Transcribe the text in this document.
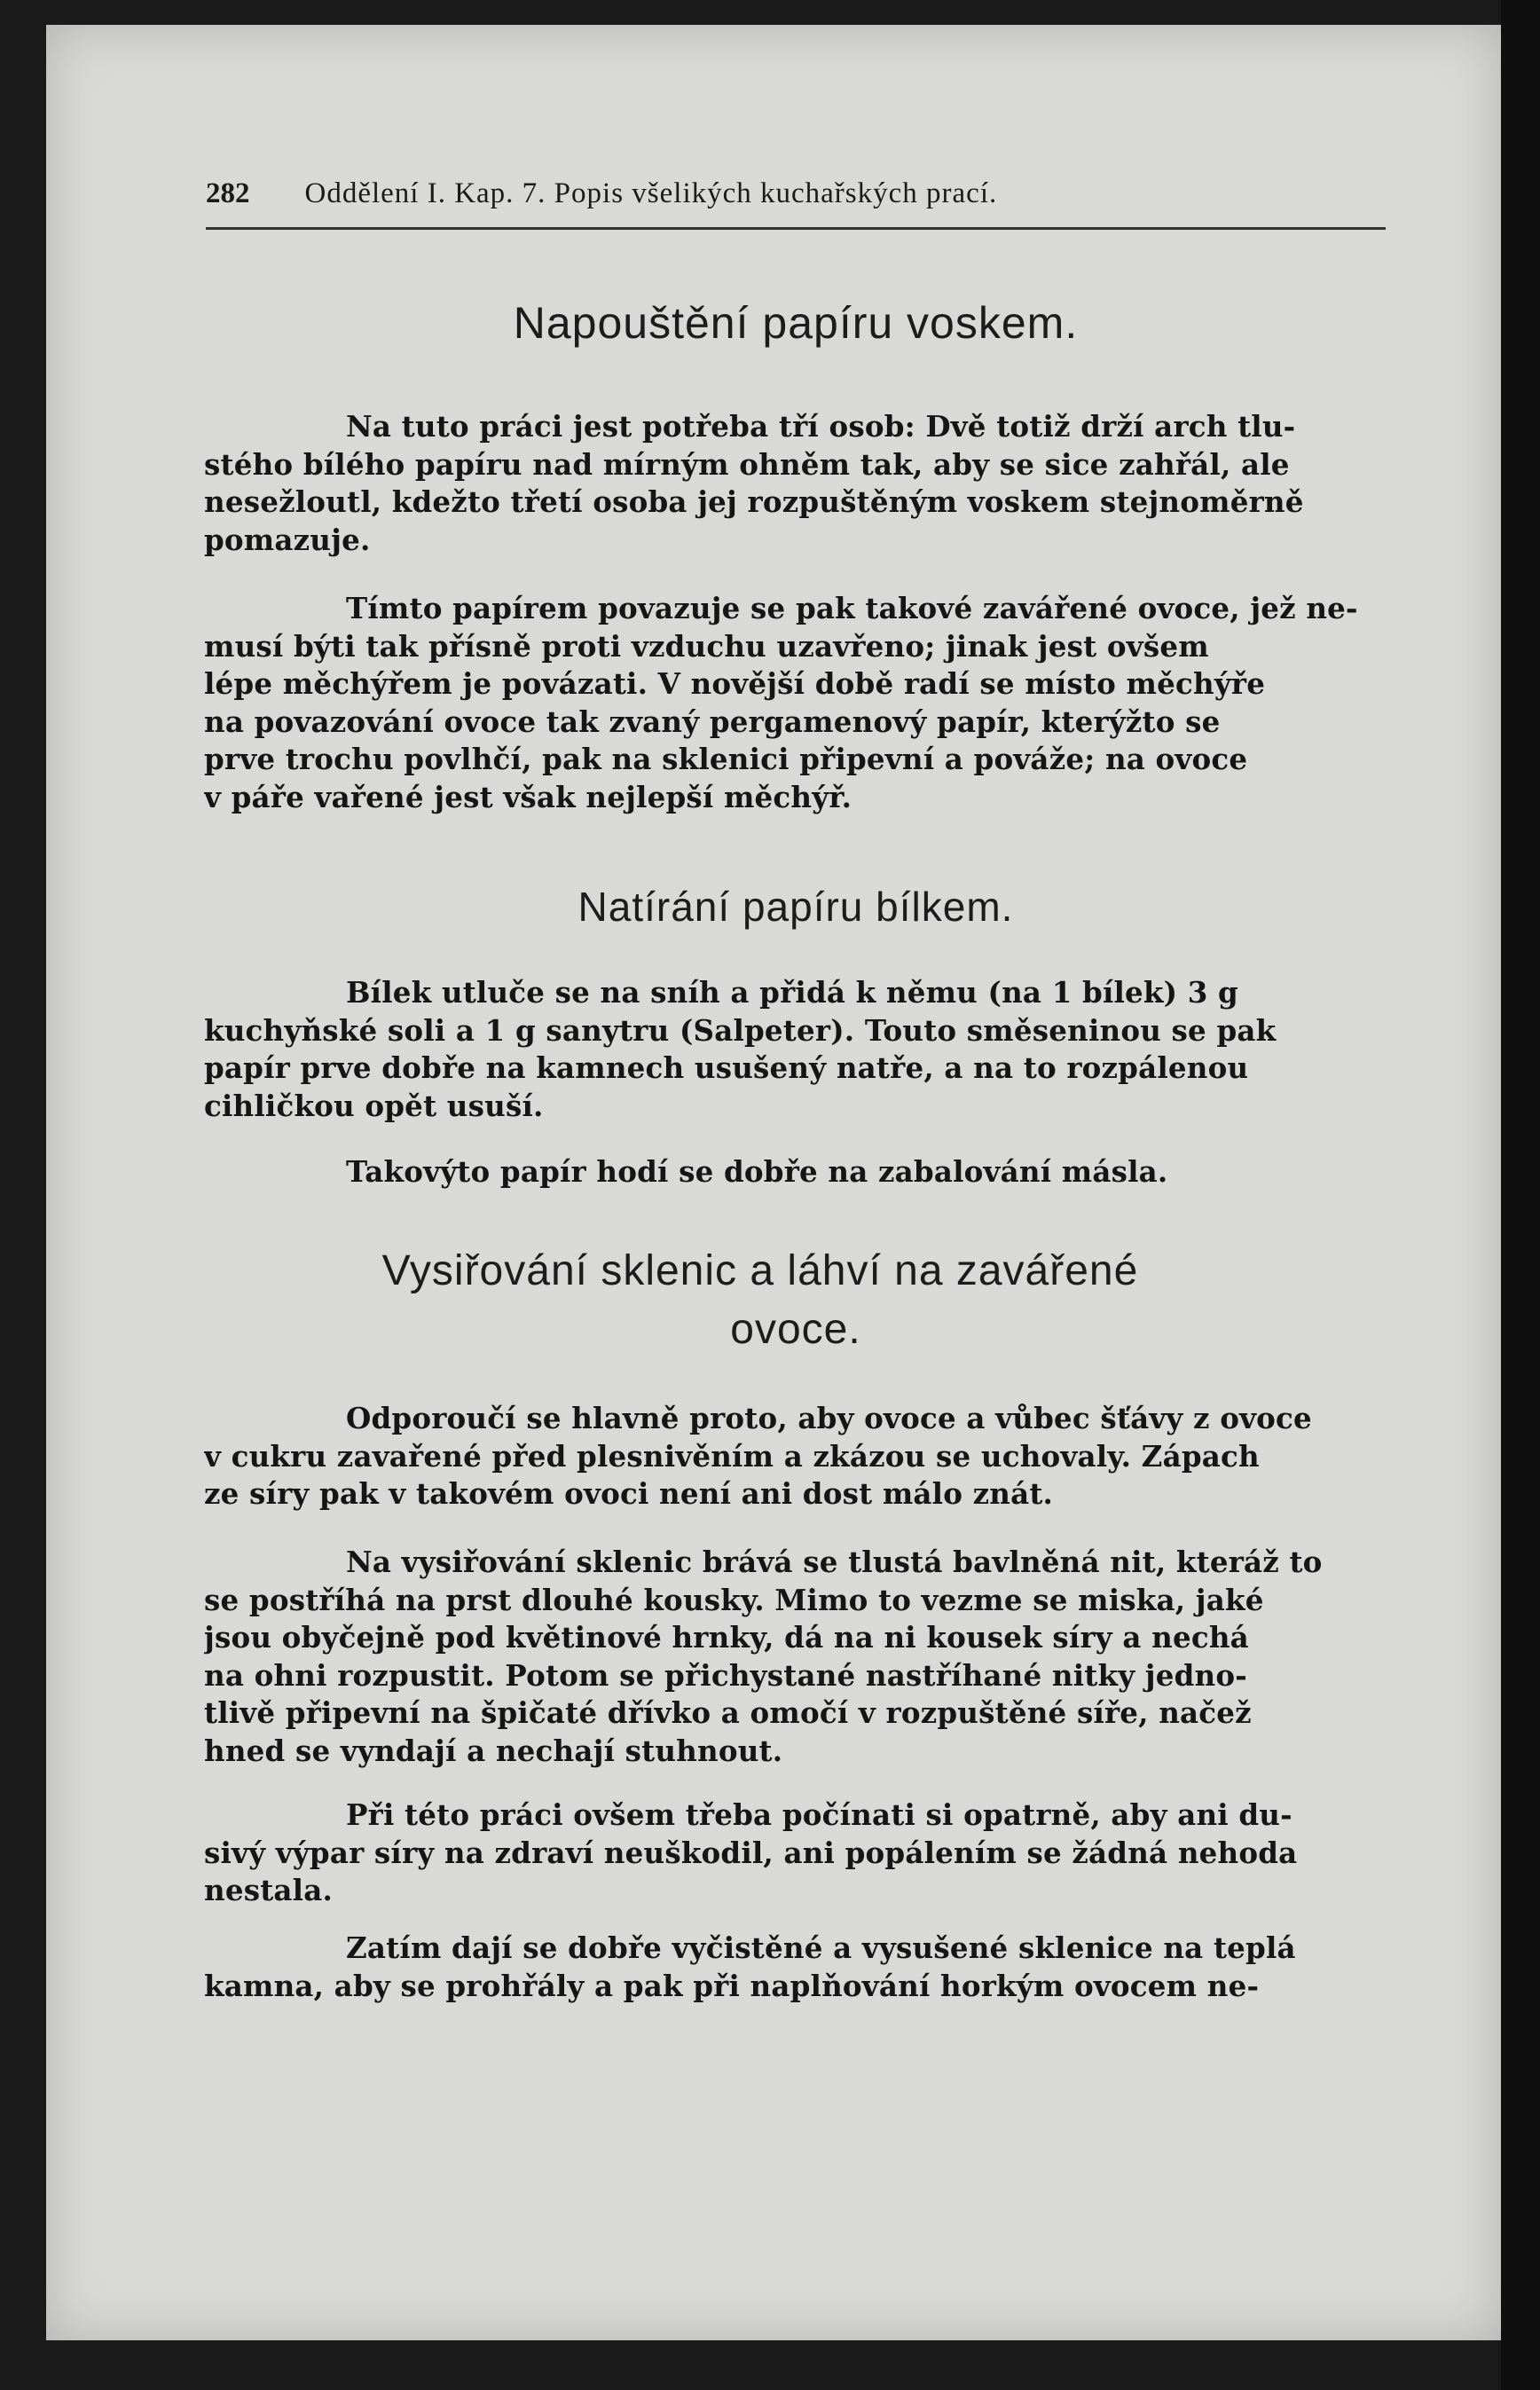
282 Oddělení I. Kap. 7. Popis všelikých kuchařských prací.
Napouštění papíru voskem.
Na tuto práci jest potřeba tří osob: Dvě totiž drží arch tlu-
stého bílého papíru nad mírným ohněm tak, aby se sice zahřál, ale
nesežloutl, kdežto třetí osoba jej rozpuštěným voskem stejnoměrně
pomazuje.
Tímto papírem povazuje se pak takové zavářené ovoce, jež ne-
musí býti tak přísně proti vzduchu uzavřeno; jinak jest ovšem
lépe měchýřem je povázati. V novější době radí se místo měchýře
na povazování ovoce tak zvaný pergamenový papír, kterýžto se
prve trochu povlhčí, pak na sklenici připevní a pováže; na ovoce
v páře vařené jest však nejlepší měchýř.
Natírání papíru bílkem.
Bílek utluče se na sníh a přidá k němu (na 1 bílek) 3 g
kuchyňské soli a 1 g sanytru (Salpeter). Touto směseninou se pak
papír prve dobře na kamnech usušený natře, a na to rozpálenou
cihličkou opět usuší.
Takovýto papír hodí se dobře na zabalování másla.
Vysiřování sklenic a láhví na zavářené
ovoce.
Odporoučí se hlavně proto, aby ovoce a vůbec šťávy z ovoce
v cukru zavařené před plesnivěním a zkázou se uchovaly. Zápach
ze síry pak v takovém ovoci není ani dost málo znát.
Na vysiřování sklenic brává se tlustá bavlněná nit, kteráž to
se postříhá na prst dlouhé kousky. Mimo to vezme se miska, jaké
jsou obyčejně pod květinové hrnky, dá na ni kousek síry a nechá
na ohni rozpustit. Potom se přichystané nastříhané nitky jedno-
tlivě připevní na špičaté dřívko a omočí v rozpuštěné síře, načež
hned se vyndají a nechají stuhnout.
Při této práci ovšem třeba počínati si opatrně, aby ani du-
sivý výpar síry na zdraví neuškodil, ani popálením se žádná nehoda
nestala.
Zatím dají se dobře vyčistěné a vysušené sklenice na teplá
kamna, aby se prohřály a pak při naplňování horkým ovocem ne-
